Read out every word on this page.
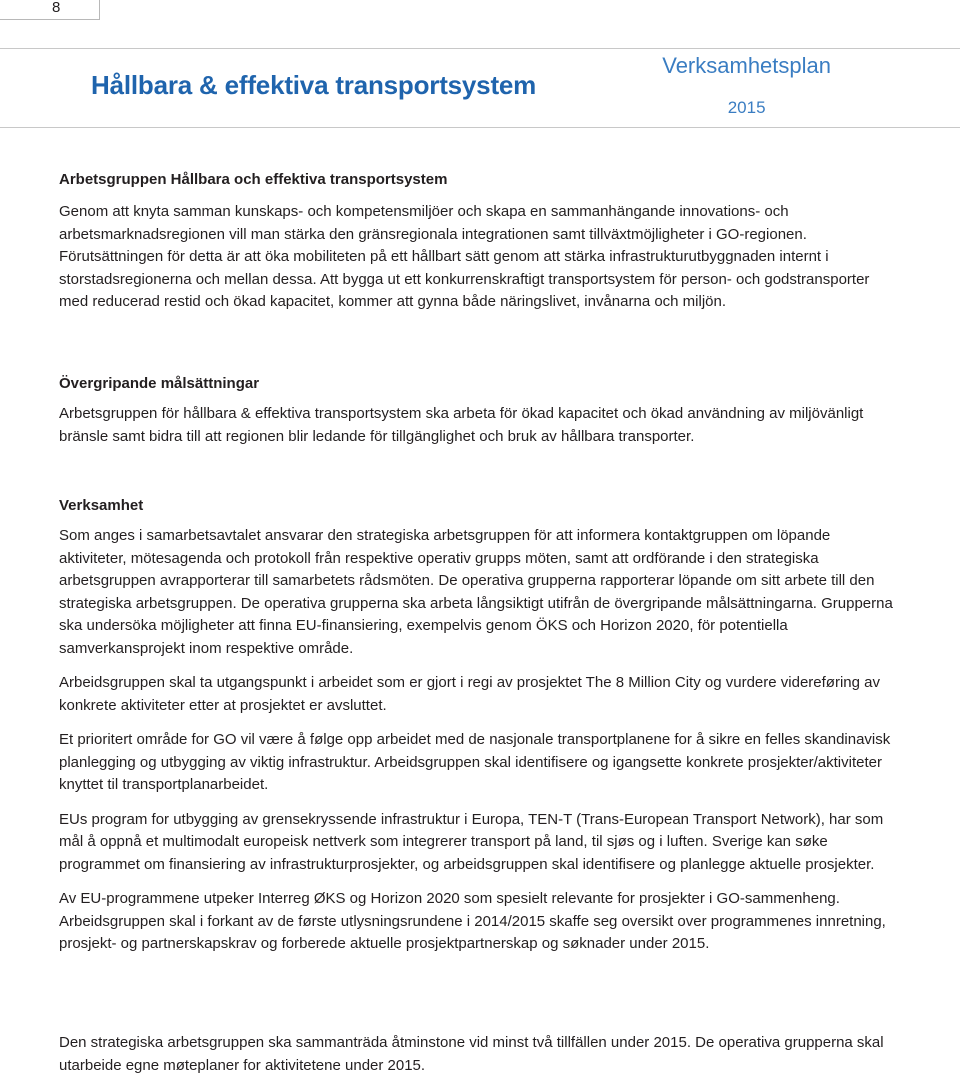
8
Hållbara & effektiva transportsystem
Verksamhetsplan
2015
Arbetsgruppen Hållbara och effektiva transportsystem

Genom att knyta samman kunskaps- och kompetensmiljöer och skapa en sammanhängande innovations- och arbetsmarknadsregionen vill man stärka den gränsregionala integrationen samt tillväxtmöjligheter i GO-regionen. Förutsättningen för detta är att öka mobiliteten på ett hållbart sätt genom att stärka infrastrukturutbyggnaden internt i storstadsregionerna och mellan dessa. Att bygga ut ett konkurrenskraftigt transportsystem för person- och godstransporter med reducerad restid och ökad kapacitet, kommer att gynna både näringslivet, invånarna och miljön.

Övergripande målsättningar

Arbetsgruppen för hållbara & effektiva transportsystem ska arbeta för ökad kapacitet och ökad användning av miljövänligt bränsle samt bidra till att regionen blir ledande för tillgänglighet och bruk av hållbara transporter.

Verksamhet

Som anges i samarbetsavtalet ansvarar den strategiska arbetsgruppen för att informera kontaktgruppen om löpande aktiviteter, mötesagenda och protokoll från respektive operativ grupps möten, samt att ordförande i den strategiska arbetsgruppen avrapporterar till samarbetets rådsmöten. De operativa grupperna rapporterar löpande om sitt arbete till den strategiska arbetsgruppen. De operativa grupperna ska arbeta långsiktigt utifrån de övergripande målsättningarna. Grupperna ska undersöka möjligheter att finna EU-finansiering, exempelvis genom ÖKS och Horizon 2020, för potentiella samverkansprojekt inom respektive område.

Arbeidsgruppen skal ta utgangspunkt i arbeidet som er gjort i regi av prosjektet The 8 Million City og vurdere videreføring av konkrete aktiviteter etter at prosjektet er avsluttet.

Et prioritert område for GO vil være å følge opp arbeidet med de nasjonale transportplanene for å sikre en felles skandinavisk planlegging og utbygging av viktig infrastruktur. Arbeidsgruppen skal identifisere og igangsette konkrete prosjekter/aktiviteter knyttet til transportplanarbeidet.

EUs program for utbygging av grensekryssende infrastruktur i Europa, TEN-T (Trans-European Transport Network), har som mål å oppnå et multimodalt europeisk nettverk som integrerer transport på land, til sjøs og i luften. Sverige kan søke programmet om finansiering av infrastrukturprosjekter, og arbeidsgruppen skal identifisere og planlegge aktuelle prosjekter.

Av EU-programmene utpeker Interreg ØKS og Horizon 2020 som spesielt relevante for prosjekter i GO-sammenheng. Arbeidsgruppen skal i forkant av de første utlysningsrundene i 2014/2015 skaffe seg oversikt over programmenes innretning, prosjekt- og partnerskapskrav og forberede aktuelle prosjektpartnerskap og søknader under 2015.

Den strategiska arbetsgruppen ska sammanträda åtminstone vid minst två tillfällen under 2015. De operativa grupperna skal utarbeide egne møteplaner for aktivitetene under 2015.
